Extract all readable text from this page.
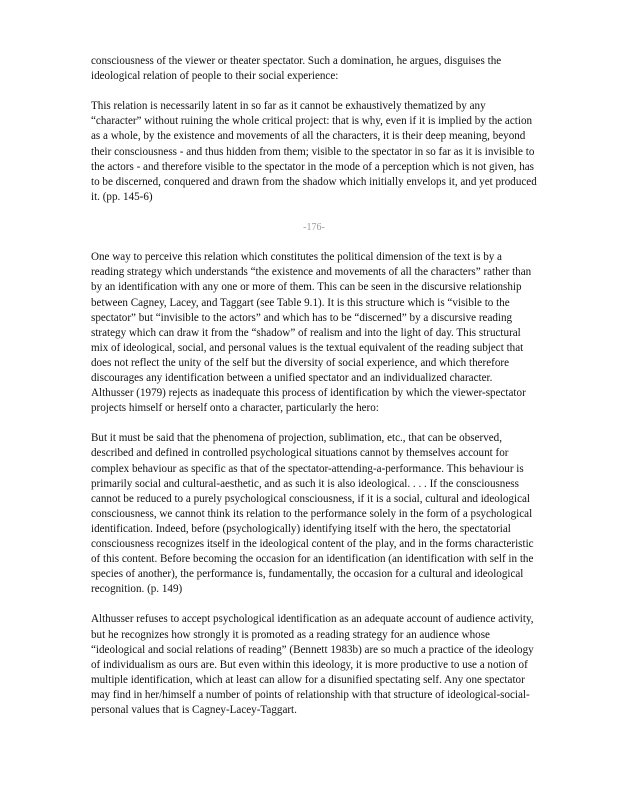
consciousness of the viewer or theater spectator. Such a domination, he argues, disguises the ideological relation of people to their social experience:

This relation is necessarily latent in so far as it cannot be exhaustively thematized by any “character” without ruining the whole critical project: that is why, even if it is implied by the action as a whole, by the existence and movements of all the characters, it is their deep meaning, beyond their consciousness - and thus hidden from them; visible to the spectator in so far as it is invisible to the actors - and therefore visible to the spectator in the mode of a perception which is not given, has to be discerned, conquered and drawn from the shadow which initially envelops it, and yet produced it. (pp. 145-6)

-176-

One way to perceive this relation which constitutes the political dimension of the text is by a reading strategy which understands “the existence and movements of all the characters” rather than by an identification with any one or more of them. This can be seen in the discursive relationship between Cagney, Lacey, and Taggart (see Table 9.1). It is this structure which is “visible to the spectator” but “invisible to the actors” and which has to be “discerned” by a discursive reading strategy which can draw it from the “shadow” of realism and into the light of day. This structural mix of ideological, social, and personal values is the textual equivalent of the reading subject that does not reflect the unity of the self but the diversity of social experience, and which therefore discourages any identification between a unified spectator and an individualized character. Althusser (1979) rejects as inadequate this process of identification by which the viewer-spectator projects himself or herself onto a character, particularly the hero:

But it must be said that the phenomena of projection, sublimation, etc., that can be observed, described and defined in controlled psychological situations cannot by themselves account for complex behaviour as specific as that of the spectator-attending-a-performance. This behaviour is primarily social and cultural-aesthetic, and as such it is also ideological. . . . If the consciousness cannot be reduced to a purely psychological consciousness, if it is a social, cultural and ideological consciousness, we cannot think its relation to the performance solely in the form of a psychological identification. Indeed, before (psychologically) identifying itself with the hero, the spectatorial consciousness recognizes itself in the ideological content of the play, and in the forms characteristic of this content. Before becoming the occasion for an identification (an identification with self in the species of another), the performance is, fundamentally, the occasion for a cultural and ideological recognition. (p. 149)

Althusser refuses to accept psychological identification as an adequate account of audience activity, but he recognizes how strongly it is promoted as a reading strategy for an audience whose “ideological and social relations of reading” (Bennett 1983b) are so much a practice of the ideology of individualism as ours are. But even within this ideology, it is more productive to use a notion of multiple identification, which at least can allow for a disunified spectating self. Any one spectator may find in her/himself a number of points of relationship with that structure of ideological-social-personal values that is Cagney-Lacey-Taggart.
